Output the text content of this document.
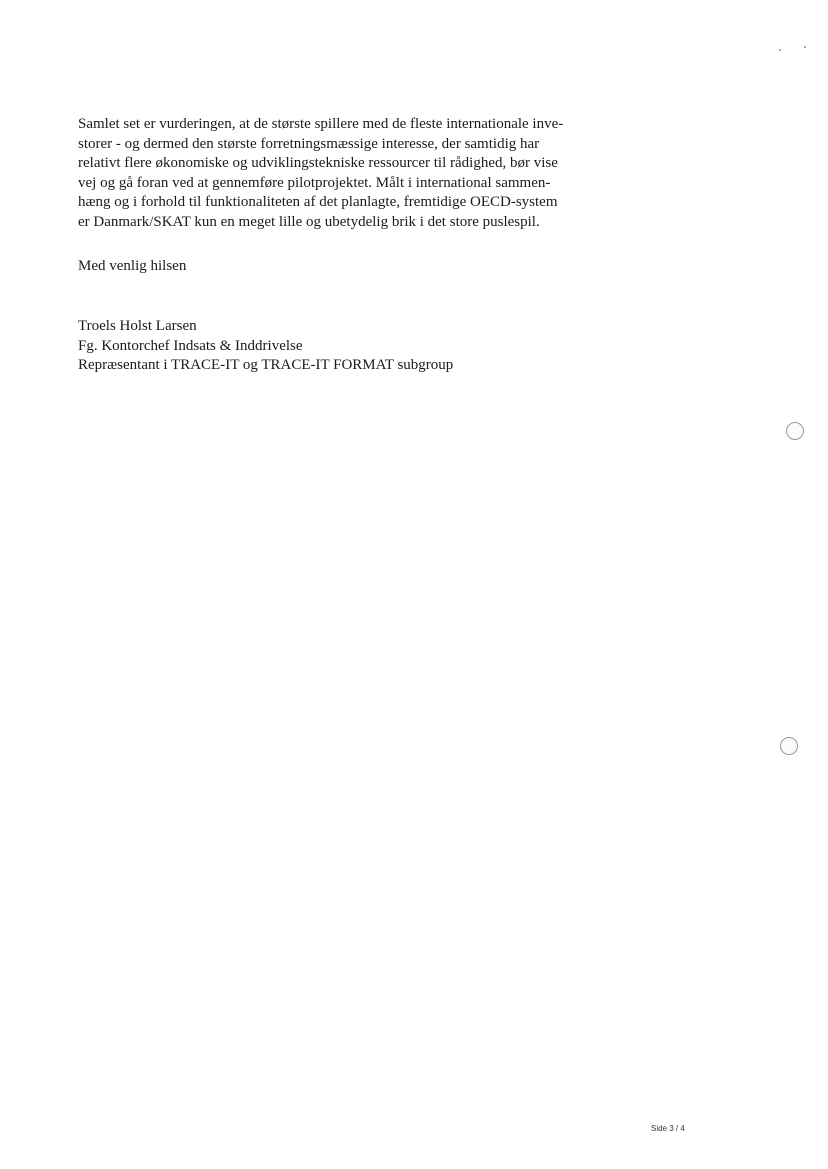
Samlet set er vurderingen, at de største spillere med de fleste internationale inve-
storer - og dermed den største forretningsmæssige interesse, der samtidig har
relativt flere økonomiske og udviklingstekniske ressourcer til rådighed, bør vise
vej og gå foran ved at gennemføre pilotprojektet. Målt i international sammen-
hæng og i forhold til funktionaliteten af det planlagte, fremtidige OECD-system
er Danmark/SKAT kun en meget lille og ubetydelig brik i det store puslespil.
Med venlig hilsen
Troels Holst Larsen
Fg. Kontorchef Indsats & Inddrivelse
Repræsentant i TRACE-IT og TRACE-IT FORMAT subgroup
Side 3 / 4
